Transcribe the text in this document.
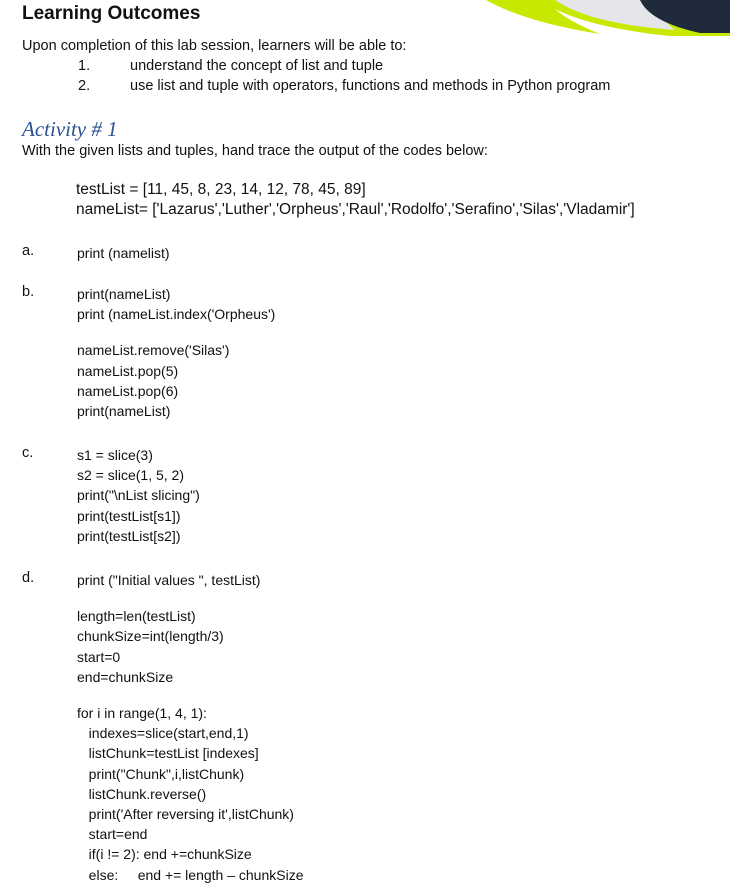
Learning Outcomes
Upon completion of this lab session, learners will be able to:
1.	understand the concept of list and tuple
2.	use list and tuple with operators, functions and methods in Python program
Activity # 1
With the given lists and tuples, hand trace the output of the codes below:
testList = [11, 45, 8, 23, 14, 12, 78, 45, 89]
nameList= ['Lazarus','Luther','Orpheus','Raul','Rodolfo','Serafino','Silas','Vladamir']
a.	print (namelist)
b.	print(nameList)
print (nameList.index('Orpheus')
nameList.remove('Silas')
nameList.pop(5)
nameList.pop(6)
print(nameList)
c.	s1 = slice(3)
s2 = slice(1, 5, 2)
print("\nList slicing")
print(testList[s1])
print(testList[s2])
d.	print ("Initial values ", testList)
length=len(testList)
chunkSize=int(length/3)
start=0
end=chunkSize
for i in range(1, 4, 1):
indexes=slice(start,end,1)
listChunk=testList [indexes]
print("Chunk",i,listChunk)
listChunk.reverse()
print('After reversing it',listChunk)
start=end
if(i != 2): end +=chunkSize
else:     end += length – chunkSize
